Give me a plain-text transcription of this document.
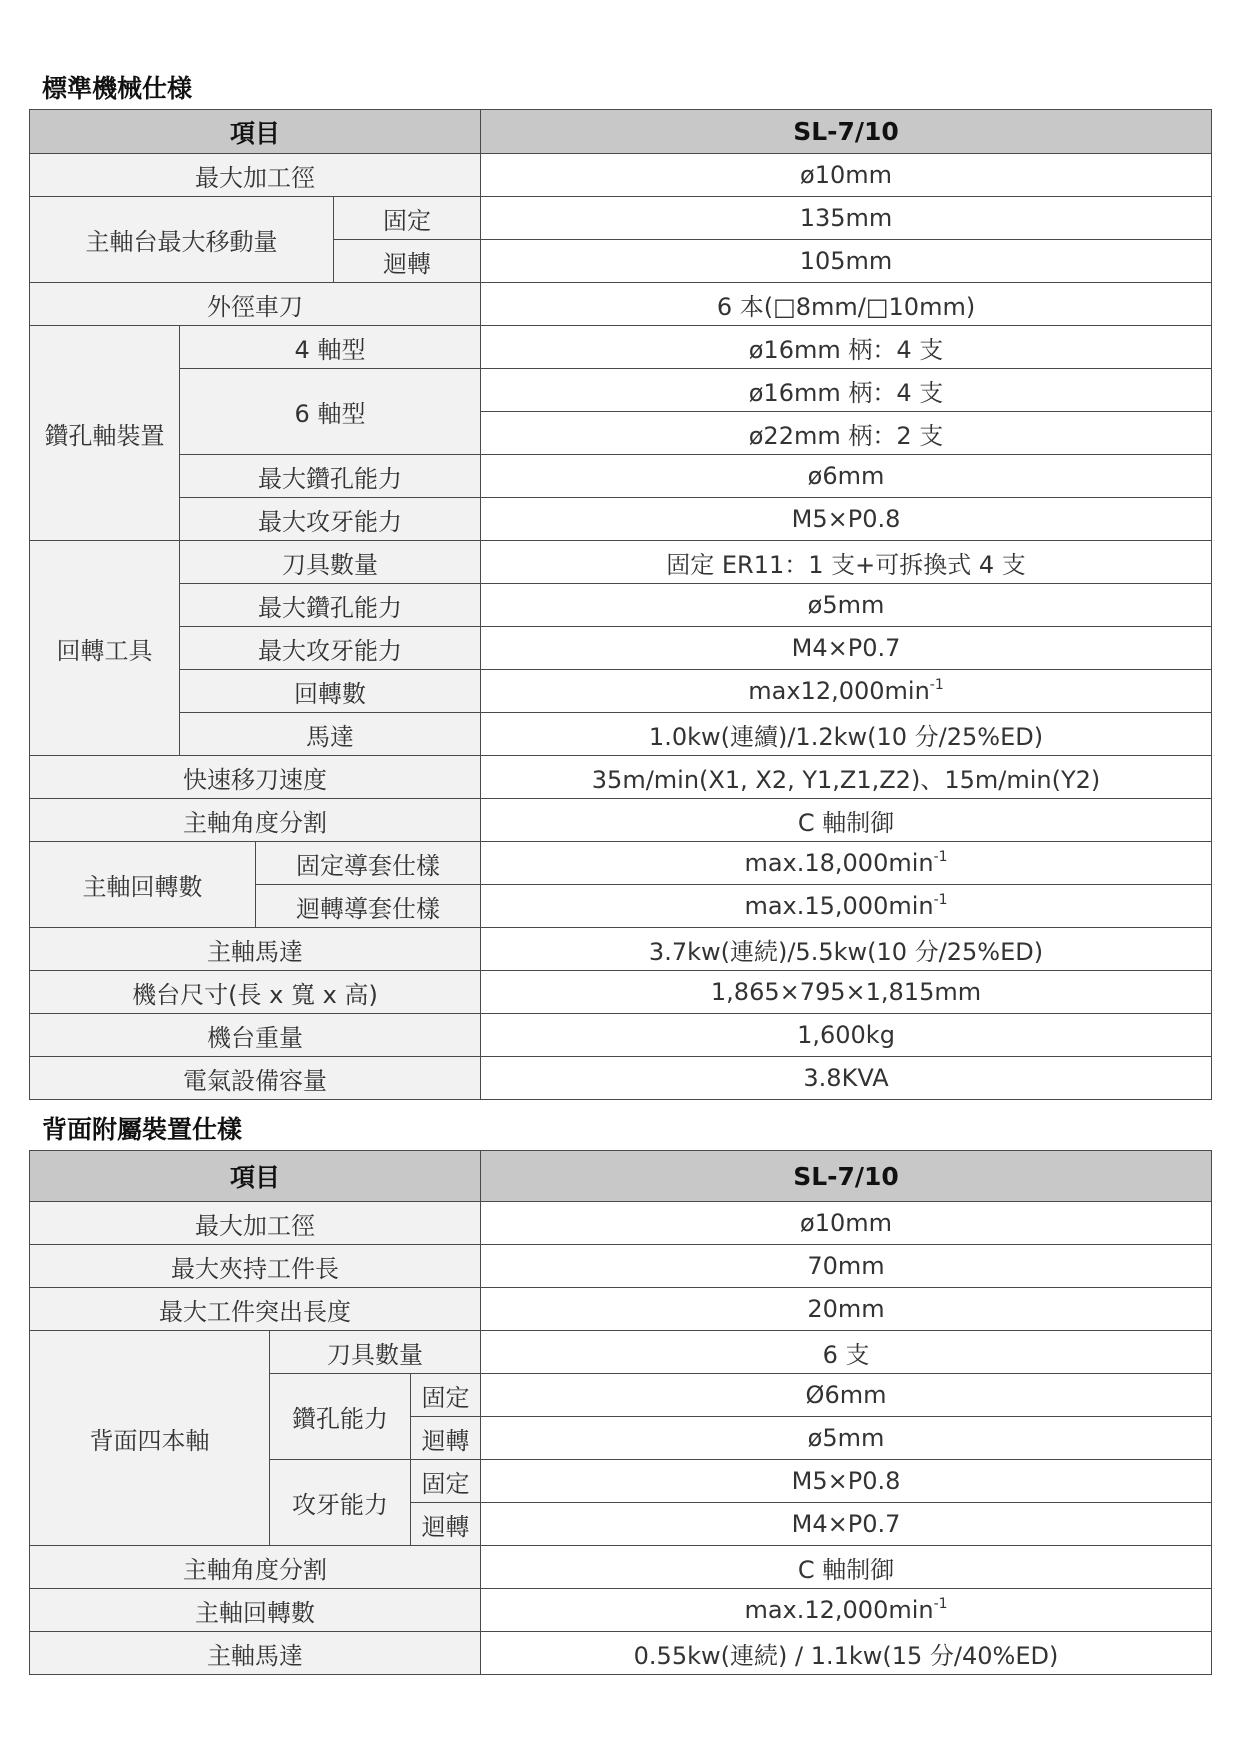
標準機械仕様
項目				SL-7/10
最大加工徑				ø10mm
主軸台最大移動量			固定	135mm
			迴轉	105mm
外徑車刀				6 本(□8mm/□10mm)
鑽孔軸裝置	4 軸型			ø16mm 柄：4 支
	6 軸型			ø16mm 柄：4 支
				ø22mm 柄：2 支
	最大鑽孔能力			ø6mm
	最大攻牙能力			M5×P0.8
回轉工具	刀具數量			固定 ER11：1 支+可拆換式 4 支
	最大鑽孔能力			ø5mm
	最大攻牙能力			M4×P0.7
	回轉數			$\max 12,000\min^{-1}$
	馬達			1.0kw(連續)/1.2kw(10 分/25%ED)
快速移刀速度				35m/min(X1, X2, Y1,Z1,Z2)、15m/min(Y2)
主軸角度分割				C 軸制御
主軸回轉數		固定導套仕樣		$\max.18,000\min^{-1}$
		迴轉導套仕樣		$\max.15,000\min^{-1}$
主軸馬達				3.7kw(連続)/5.5kw(10 分/25%ED)
機台尺寸(長 x 寬 x 高)				1,865×795×1,815mm
機台重量				1,600kg
電氣設備容量				3.8KVA
背面附屬裝置仕樣
項目			SL-7/10
最大加工徑			ø10mm
最大夾持工件長			70mm
最大工件突出長度			20mm
背面四本軸	刀具數量		6 支
	鑽孔能力	固定	Ø6mm
		迴轉	ø5mm
	攻牙能力	固定	M5×P0.8
		迴轉	M4×P0.7
主軸角度分割			C 軸制御
主軸回轉數			$\max.12,000\min^{-1}$
主軸馬達			0.55kw(連続) / 1.1kw(15 分/40%ED)
